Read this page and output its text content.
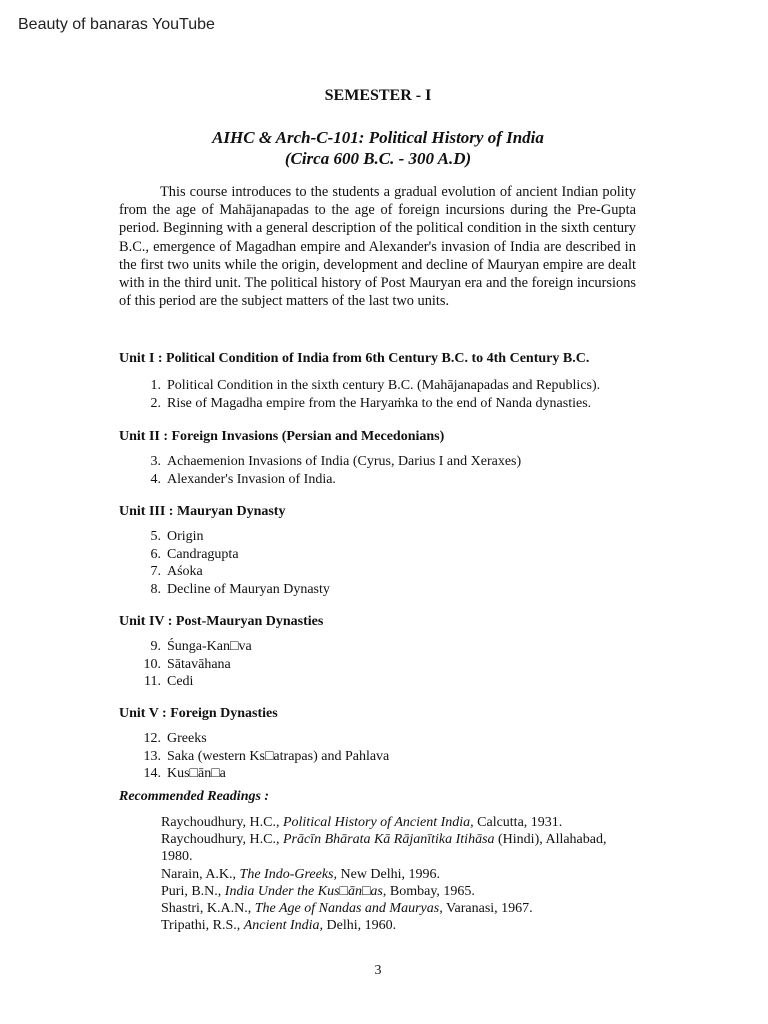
Beauty of banaras YouTube
SEMESTER - I
AIHC & Arch-C-101: Political History of India
(Circa 600 B.C. - 300 A.D)

This course introduces to the students a gradual evolution of ancient Indian polity from the age of Mahājanapadas to the age of foreign incursions during the Pre-Gupta period. Beginning with a general description of the political condition in the sixth century B.C., emergence of Magadhan empire and Alexander's invasion of India are described in the first two units while the origin, development and decline of Mauryan empire are dealt with in the third unit. The political history of Post Mauryan era and the foreign incursions of this period are the subject matters of the last two units.

Unit I : Political Condition of India from 6th Century B.C. to 4th Century B.C.
1. Political Condition in the sixth century B.C. (Mahājanapadas and Republics).
2. Rise of Magadha empire from the Haryaṁka to the end of Nanda dynasties.
Unit II : Foreign Invasions (Persian and Mecedonians)
3. Achaemenion Invasions of India (Cyrus, Darius I and Xeraxes)
4. Alexander's Invasion of India.
Unit III : Mauryan Dynasty
5. Origin
6. Candragupta
7. Aśoka
8. Decline of Mauryan Dynasty
Unit IV : Post-Mauryan Dynasties
9. Śunga-Kan□va
10. Sātavāhana
11. Cedi
Unit V : Foreign Dynasties
12. Greeks
13. Saka (western Ks□atrapas) and Pahlava
14. Kus□ān□a
Recommended Readings :
Raychoudhury, H.C., Political History of Ancient India, Calcutta, 1931.
Raychoudhury, H.C., Prācīn Bhārata Kā Rājanītika Itihāsa (Hindi), Allahabad, 1980.
Narain, A.K., The Indo-Greeks, New Delhi, 1996.
Puri, B.N., India Under the Kus□ān□as, Bombay, 1965.
Shastri, K.A.N., The Age of Nandas and Mauryas, Varanasi, 1967.
Tripathi, R.S., Ancient India, Delhi, 1960.
3
